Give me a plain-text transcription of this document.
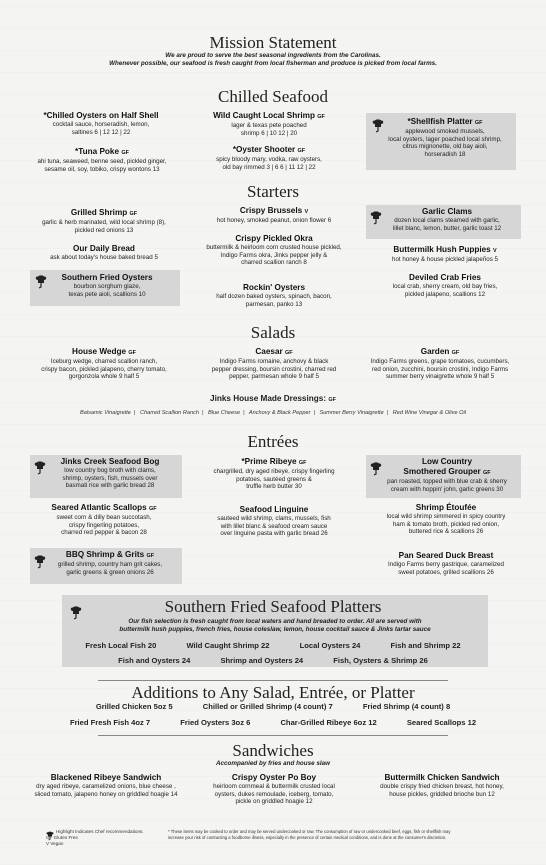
Mission Statement
We are proud to serve the best seasonal ingredients from the Carolinas.
Whenever possible, our seafood is fresh caught from local fisherman and produce is picked from local farms.
Chilled Seafood
*Chilled Oysters on Half Shell
cocktail sauce, horseradish, lemon,
saltines 6 | 12 12 | 22
*Tuna Poke GF
ahi tuna, seaweed, benne seed, pickled ginger,
sesame oil, soy, tobiko, crispy wontons 13
Wild Caught Local Shrimp GF
lager & texas pete poached
shrimp 6 | 10 12 | 20
*Oyster Shooter GF
spicy bloody mary, vodka, raw oysters,
old bay rimmed 3 | 6 6 | 11 12 | 22
*Shellfish Platter GF
applewood smoked mussels,
local oysters, lager poached local shrimp,
citrus mignonette, old bay aioli,
horseradish 18
Starters
Grilled Shrimp GF
garlic & herb marinated, wild local shrimp (8),
pickled red onions 13
Our Daily Bread
ask about today's house baked bread 5
Southern Fried Oysters
bourbon sorghum glaze,
texas pete aioli, scallions 10
Crispy Brussels V
hot honey, smoked peanut, onion flower 6
Crispy Pickled Okra
buttermilk & heirloom corn crusted house pickled,
Indigo Farms okra, Jinks pepper jelly &
charred scallion ranch 8
Rockin' Oysters
half dozen baked oysters, spinach, bacon,
parmesan, panko 13
Garlic Clams
dozen local clams steamed with garlic,
lillet blanc, lemon, butter, garlic toast 12
Buttermilk Hush Puppies V
hot honey & house pickled jalapeños 5
Deviled Crab Fries
local crab, sherry cream, old bay fries,
pickled jalapeno, scallions 12
Salads
House Wedge GF
Iceburg wedge, charred scallion ranch,
crispy bacon, pickled jalapeno, cherry tomato,
gorgonzola whole 9 half 5
Caesar GF
Indigo Farms romaine, anchovy & black
pepper dressing, boursin crostini, charred red
pepper, parmesan whole 9 half 5
Garden GF
Indigo Farms greens, grape tomatoes, cucumbers,
red onion, zucchini, boursin crostini, Indigo Farms
summer berry vinaigrette whole 9 half 5
Jinks House Made Dressings: GF
Balsamic Vinaigrette | Charred Scallion Ranch | Blue Cheese | Anchovy & Black Pepper | Summer Berry Vinaigrette | Red Wine Vinegar & Olive Oil
Entrées
Jinks Creek Seafood Bog
low country bog broth with clams,
shrimp, oysters, fish, mussels over
basmati rice with garlic bread 28
Seared Atlantic Scallops GF
sweet corn & dilly bean succotash,
crispy fingerling potatoes,
charred red pepper & bacon 28
BBQ Shrimp & Grits GF
grilled shrimp, country ham grit cakes,
garlic greens & green onions 26
*Prime Ribeye GF
chargrilled, dry aged ribeye, crispy fingerling
potatoes, sautéed greens &
truffle herb butter 30
Seafood Linguine
sauteed wild shrimp, clams, mussels, fish
with lillet blanc & seafood cream sauce
over linguine pasta with garlic bread 26
Low Country
Smothered Grouper GF
pan roasted, topped with blue crab & sherry
cream with hoppin' john, garlic greens 30
Shrimp Étoufée
local wild shrimp simmered in spicy country
ham & tomato broth, pickled red onion,
buttered rice & scallions 26
Pan Seared Duck Breast
Indigo Farms berry gastrique, caramelized
sweet potatoes, grilled scallions 26
Southern Fried Seafood Platters
Our fish selection is fresh caught from local waters and hand breaded to order. All are served with
buttermilk hush puppies, french fries, house coleslaw, lemon, house cocktail sauce & Jinks tartar sauce
Fresh Local Fish 20	Wild Caught Shrimp 22	Local Oysters 24	Fish and Shrimp 22
Fish and Oysters 24	Shrimp and Oysters 24	Fish, Oysters & Shrimp 26
Additions to Any Salad, Entrée, or Platter
Grilled Chicken 5oz 5	Chilled or Grilled Shrimp (4 count) 7	Fried Shrimp (4 count) 8
Fried Fresh Fish 4oz 7	Fried Oysters 3oz 6	Char-Grilled Ribeye 6oz 12	Seared Scallops 12
Sandwiches
Accompanied by fries and house slaw
Blackened Ribeye Sandwich
dry aged ribeye, caramelized onions, blue cheese ,
sliced tomato, jalapeno honey on griddled hoagie 14
Crispy Oyster Po Boy
heirloom cornmeal & buttermilk crusted local
oysters, dukes remoulade, iceberg, tomato,
pickle on griddled hoagie 12
Buttermilk Chicken Sandwich
double crispy fried chicken breast, hot honey,
house pickles, griddled brioche bun 12
Highlight Indicates Chef recommendations.
GF Gluten Free
V Vegan
* These items may be cooked to order and may be served undercooked or raw. The consumption of raw or undercooked beef, eggs, fish or shellfish may
increase your risk of contracting a foodborne illness, especially in the presence of certain medical conditions, and is done at the consumer's discretion.
